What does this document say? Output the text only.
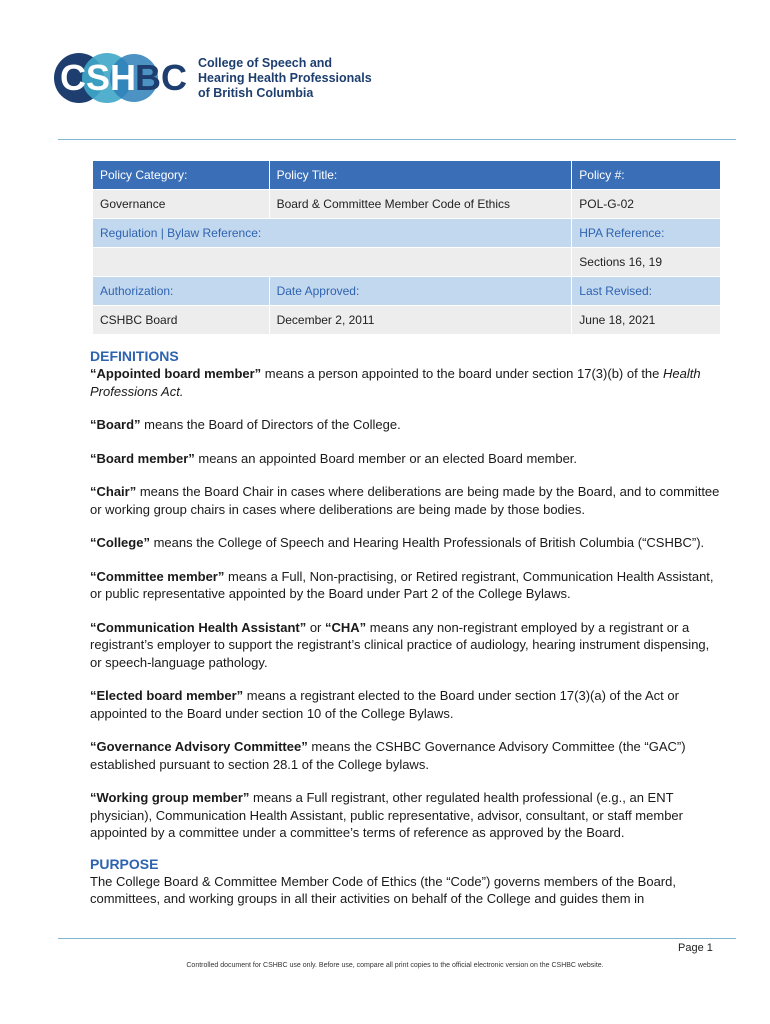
CSH
BC College of Speech and
Hearing Health Professionals
of British Columbia
Policy Category:	Policy Title:	Policy #:
Governance	Board & Committee Member Code of Ethics	POL-G-02
Regulation | Bylaw Reference:		HPA Reference:
		Sections 16, 19
Authorization:	Date Approved:	Last Revised:
CSHBC Board	December 2, 2011	June 18, 2021
DEFINITIONS

“Appointed board member” means a person appointed to the board under section 17(3)(b) of the Health Professions Act.

“Board” means the Board of Directors of the College.

“Board member” means an appointed Board member or an elected Board member.

“Chair” means the Board Chair in cases where deliberations are being made by the Board, and to committee or working group chairs in cases where deliberations are being made by those bodies.

“College” means the College of Speech and Hearing Health Professionals of British Columbia (“CSHBC”).

“Committee member” means a Full, Non-practising, or Retired registrant, Communication Health Assistant, or public representative appointed by the Board under Part 2 of the College Bylaws.

“Communication Health Assistant” or “CHA” means any non-registrant employed by a registrant or a registrant’s employer to support the registrant’s clinical practice of audiology, hearing instrument dispensing, or speech-language pathology.

“Elected board member” means a registrant elected to the Board under section 17(3)(a) of the Act or appointed to the Board under section 10 of the College Bylaws.

“Governance Advisory Committee” means the CSHBC Governance Advisory Committee (the “GAC”) established pursuant to section 28.1 of the College bylaws.

“Working group member” means a Full registrant, other regulated health professional (e.g., an ENT physician), Communication Health Assistant, public representative, advisor, consultant, or staff member appointed by a committee under a committee’s terms of reference as approved by the Board.

PURPOSE

The College Board & Committee Member Code of Ethics (the “Code”) governs members of the Board, committees, and working groups in all their activities on behalf of the College and guides them in

Page 1
Controlled document for CSHBC use only. Before use, compare all print copies to the official electronic version on the CSHBC website.
